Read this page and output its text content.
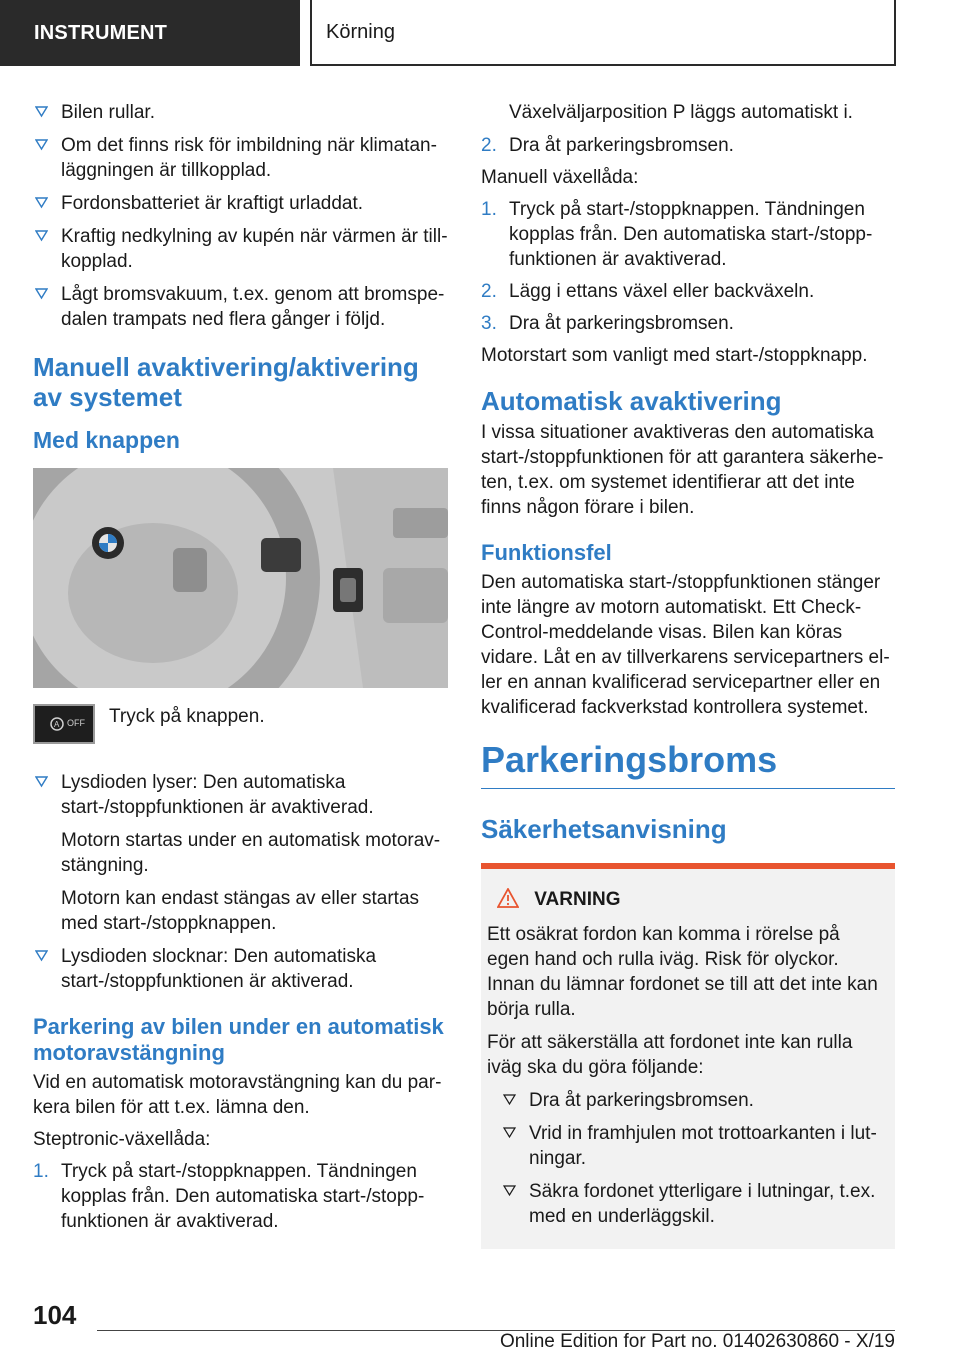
INSTRUMENT	Körning
Bilen rullar.
Om det finns risk för imbildning när klimatanläggningen är tillkopplad.
Fordonsbatteriet är kraftigt urladdat.
Kraftig nedkylning av kupén när värmen är tillkopplad.
Lågt bromsvakuum, t.ex. genom att bromspedalen trampats ned flera gånger i följd.
Manuell avaktivering/aktivering av systemet
Med knappen
A OFF Tryck på knappen.
Lysdioden lyser: Den automatiska start-/stoppfunktionen är avaktiverad.
Motorn startas under en automatisk motoravstängning.
Motorn kan endast stängas av eller startas med start-/stoppknappen.
Lysdioden slocknar: Den automatiska start-/stoppfunktionen är aktiverad.
Parkering av bilen under en automatisk motoravstängning
Vid en automatisk motoravstängning kan du parkera bilen för att t.ex. lämna den.
Steptronic-växellåda:
1. Tryck på start-/stoppknappen. Tändningen kopplas från. Den automatiska start-/stoppfunktionen är avaktiverad.
Växelväljarposition P läggs automatiskt i.
2. Dra åt parkeringsbromsen.
Manuell växellåda:
1. Tryck på start-/stoppknappen. Tändningen kopplas från. Den automatiska start-/stoppfunktionen är avaktiverad.
2. Lägg i ettans växel eller backväxeln.
3. Dra åt parkeringsbromsen.
Motorstart som vanligt med start-/stoppknapp.
Automatisk avaktivering
I vissa situationer avaktiveras den automatiska start-/stoppfunktionen för att garantera säkerheten, t.ex. om systemet identifierar att det inte finns någon förare i bilen.
Funktionsfel
Den automatiska start-/stoppfunktionen stänger inte längre av motorn automatiskt. Ett Check-Control-meddelande visas. Bilen kan köras vidare. Låt en av tillverkarens servicepartners eller en annan kvalificerad servicepartner eller en kvalificerad fackverkstad kontrollera systemet.
Parkeringsbroms
Säkerhetsanvisning
VARNING
Ett osäkrat fordon kan komma i rörelse på egen hand och rulla iväg. Risk för olyckor. Innan du lämnar fordonet se till att det inte kan börja rulla.
För att säkerställa att fordonet inte kan rulla iväg ska du göra följande:
Dra åt parkeringsbromsen.
Vrid in framhjulen mot trottoarkanten i lutningar.
Säkra fordonet ytterligare i lutningar, t.ex. med en underläggskil.
104
Online Edition for Part no. 01402630860 - X/19
